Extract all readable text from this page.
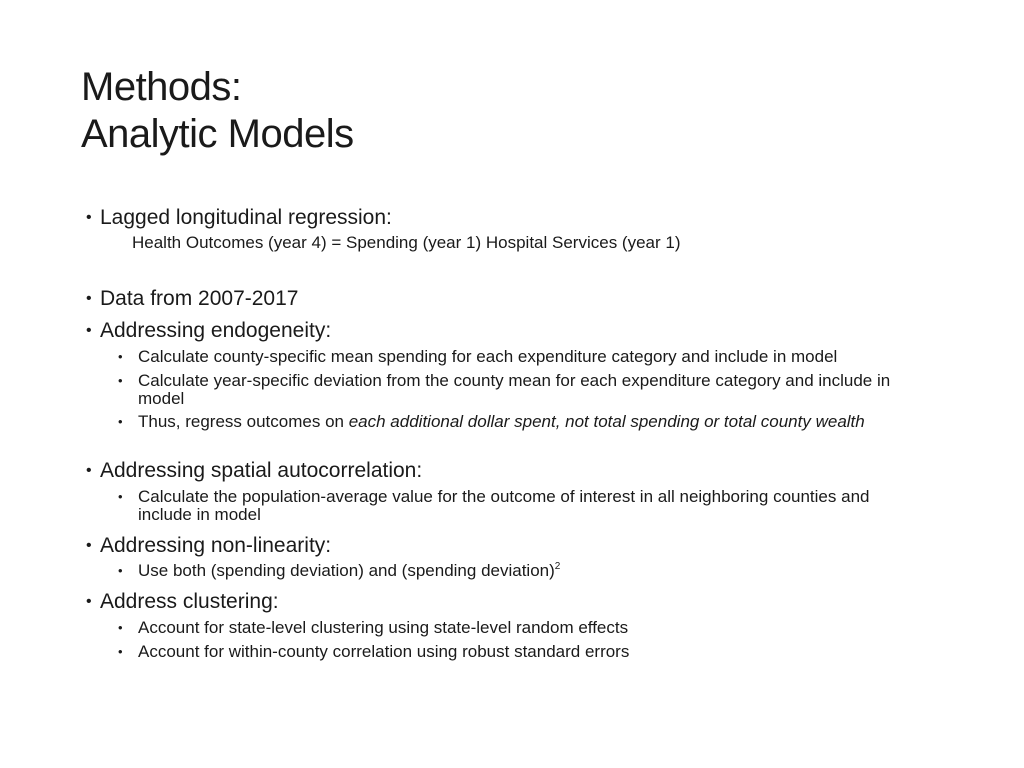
Methods:
Analytic Models
• Lagged longitudinal regression:
Health Outcomes (year 4) = Spending (year 1) Hospital Services (year 1)
• Data from 2007-2017
• Addressing endogeneity:
• Calculate county-specific mean spending for each expenditure category and include in model
• Calculate year-specific deviation from the county mean for each expenditure category and include in model
• Thus, regress outcomes on each additional dollar spent, not total spending or total county wealth
• Addressing spatial autocorrelation:
• Calculate the population-average value for the outcome of interest in all neighboring counties and include in model
• Addressing non-linearity:
• Use both (spending deviation) and (spending deviation)$^2$
• Address clustering:
• Account for state-level clustering using state-level random effects
• Account for within-county correlation using robust standard errors
